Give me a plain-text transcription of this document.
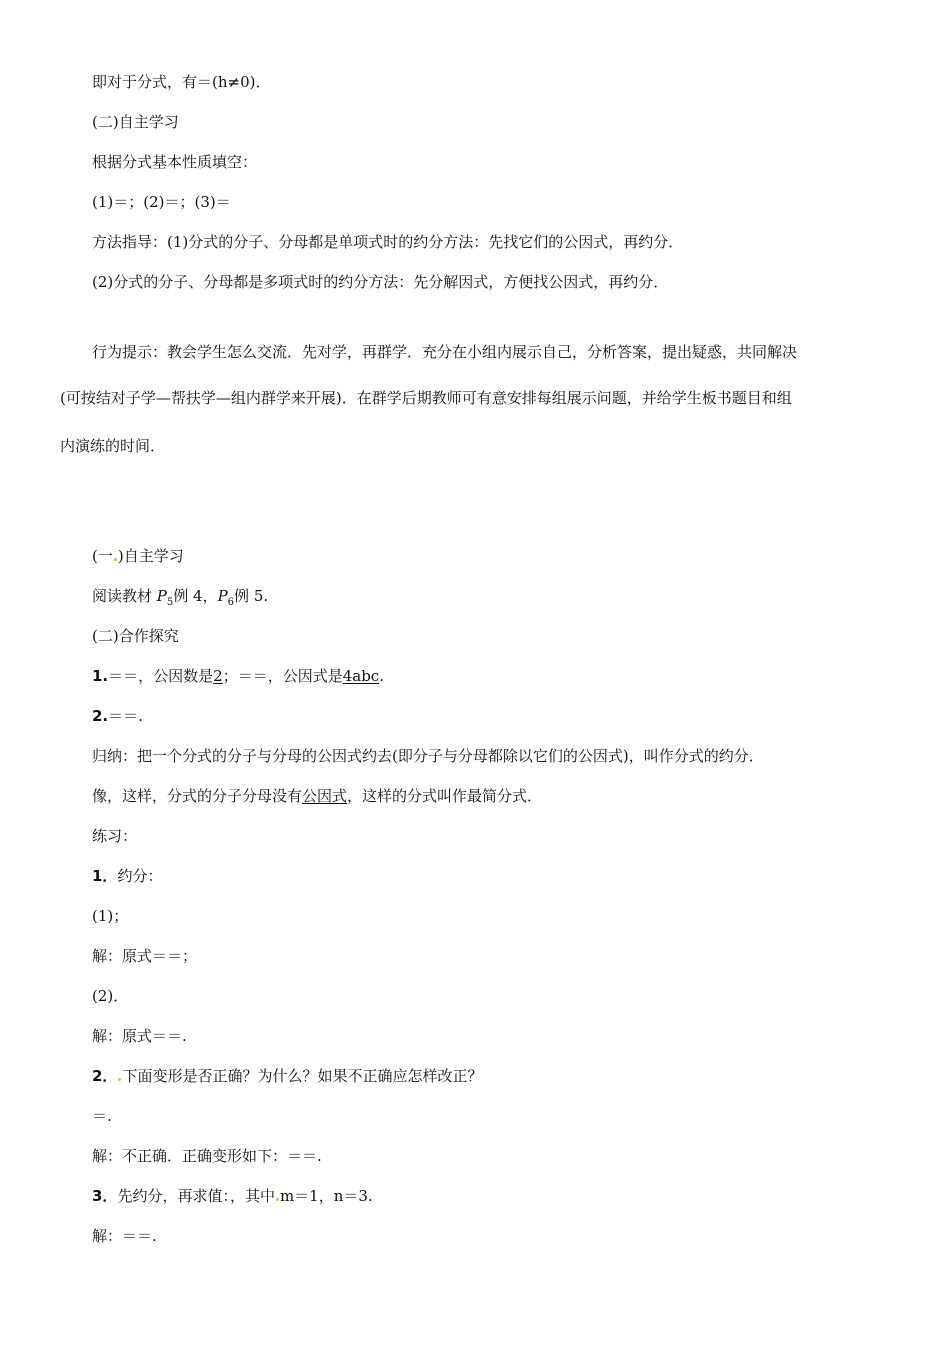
即对于分式，有＝(h≠0)．
(二)自主学习
根据分式基本性质填空：
(1)＝；(2)＝；(3)＝
方法指导：(1)分式的分子、分母都是单项式时的约分方法：先找它们的公因式，再约分．
(2)分式的分子、分母都是多项式时的约分方法：先分解因式，方便找公因式，再约分．
行为提示：教会学生怎么交流．先对学，再群学．充分在小组内展示自己，分析答案，提出疑惑，共同解决
(可按结对子学—帮扶学—组内群学来开展)．在群学后期教师可有意安排每组展示问题，并给学生板书题目和组
内演练的时间．
(一 )自主学习
阅读教材 $P_5$例 4，$P_6$例 5.
(二)合作探究
1.＝＝，公因数是2；＝＝，公因式是4abc.
2.＝＝.
归纳：把一个分式的分子与分母的公因式约去(即分子与分母都除以它们的公因式)，叫作分式的约分．
像，这样，分式的分子分母没有公因式，这样的分式叫作最简分式．
练习：
1．约分：
(1)；
解：原式＝＝；
(2)．
解：原式＝＝.
2． 下面变形是否正确？为什么？如果不正确应怎样改正？
＝.
解：不正确．正确变形如下：＝＝.
3．先约分，再求值：，其中 m＝1，n＝3.
解：＝＝.
